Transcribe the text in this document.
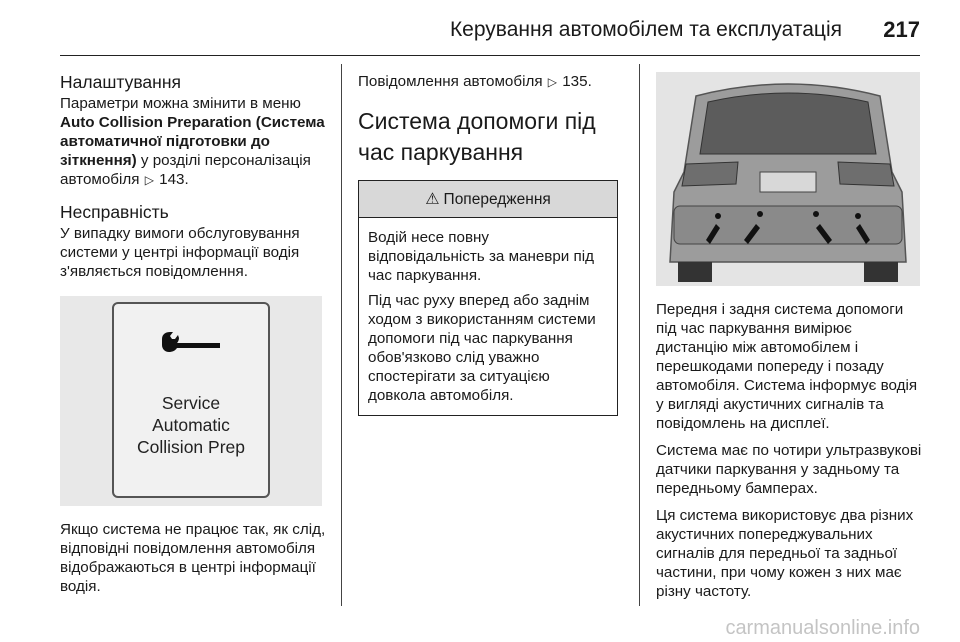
Керування автомобілем та експлуатація 217
Налаштування

Параметри можна змінити в меню Auto Collision Preparation (Система автоматичної підготовки до зіткнення) у розділі персоналізація автомобіля ▷ 143.

Несправність

У випадку вимоги обслуговування системи у центрі інформації водія з'являється повідомлення.

Service
Automatic
Collision Prep

Якщо система не працює так, як слід, відповідні повідомлення автомобіля відображаються в центрі інформації водія.

Повідомлення автомобіля ▷ 135.

Система допомоги під час паркування
⚠ Попередження

Водій несе повну відповідальність за маневри під час паркування.

Під час руху вперед або заднім ходом з використанням системи допомоги під час паркування обов'язково слід уважно спостерігати за ситуацією довкола автомобіля.

Передня і задня система допомоги під час паркування вимірює дистанцію між автомобілем і перешкодами попереду і позаду автомобіля. Система інформує водія у вигляді акустичних сигналів та повідомлень на дисплеї.

Система має по чотири ультразвукові датчики паркування у задньому та передньому бамперах.

Ця система використовує два різних акустичних попереджувальних сигналів для передньої та задньої частини, при чому кожен з них має різну частоту.

carmanualsonline.info
